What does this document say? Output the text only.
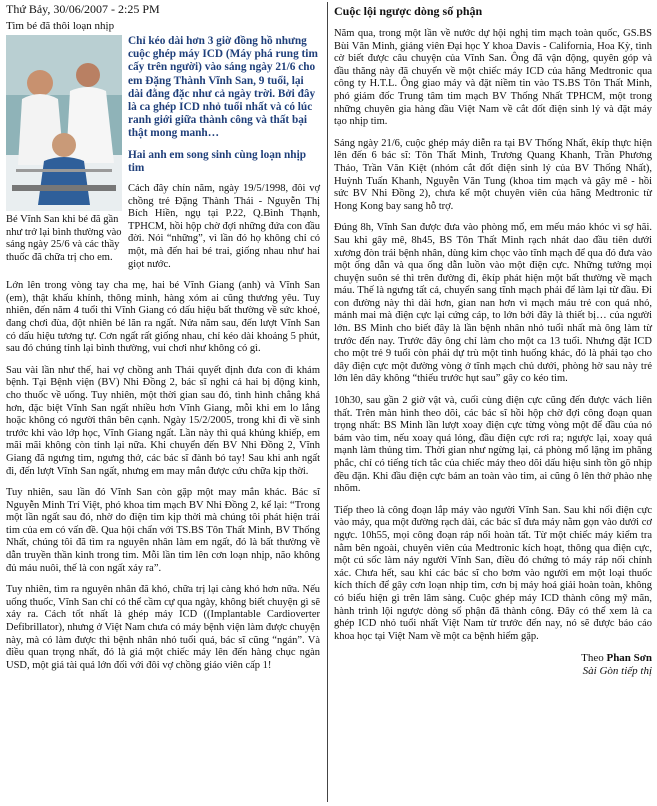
Thứ Bảy, 30/06/2007 - 2:25 PM
Tim bé đã thôi loạn nhịp
Bé Vĩnh San khi bé đã gần như trở lại bình thường vào sáng ngày 25/6 và các thầy thuốc đã chữa trị cho em.
Chỉ kéo dài hơn 3 giờ đồng hồ nhưng cuộc ghép máy ICD (Máy phá rung tim cấy trên người) vào sáng ngày 21/6 cho em Đặng Thành Vĩnh San, 9 tuổi, lại dài đằng đặc như cả ngày trời. Bởi đây là ca ghép ICD nhỏ tuổi nhất và có lúc ranh giới giữa thành công và thất bại thật mong manh…
Hai anh em song sinh cùng loạn nhịp tim

Cách đây chín năm, ngày 19/5/1998, đôi vợ chồng trẻ Đặng Thành Thái - Nguyễn Thị Bích Hiền, ngụ tại P.22, Q.Bình Thạnh, TPHCM, hồi hộp chờ đợi những đứa con đầu đời. Nói “những”, vì lần đó họ không chỉ có một, mà đến hai bé trai, giống nhau như hai giọt nước.

Lớn lên trong vòng tay cha mẹ, hai bé Vĩnh Giang (anh) và Vĩnh San (em), thật khấu khỉnh, thông minh, hàng xóm ai cũng thương yêu. Tuy nhiên, đến năm 4 tuổi thì Vĩnh Giang có dấu hiệu bất thường về sức khoẻ, đang chơi đùa, đột nhiên bé lăn ra ngất. Nửa năm sau, đến lượt Vĩnh San có dấu hiệu tương tự. Cơn ngất rất giống nhau, chỉ kéo dài khoảng 5 phút, sau đó chúng tỉnh lại bình thường, vui chơi như không có gì.

Sau vài lần như thế, hai vợ chồng anh Thái quyết định đưa con đi khám bệnh. Tại Bệnh viện (BV) Nhi Đồng 2, bác sĩ nghi cả hai bị động kinh, cho thuốc về uống. Tuy nhiên, một thời gian sau đó, tình hình chẳng khá hơn, đặc biệt Vĩnh San ngất nhiều hơn Vĩnh Giang, mỗi khi em lo lắng hoặc không có người thân bên cạnh. Ngày 15/2/2005, trong khi đi về sinh trước khi vào lớp học, Vĩnh Giang ngất. Lần này thì quá khủng khiếp, em mãi mãi không còn tỉnh lại nữa. Khi chuyển đến BV Nhi Đồng 2, Vĩnh Giang đã ngưng tim, ngưng thở, các bác sĩ đành bó tay! Sau khi anh ngất đi, đến lượt Vĩnh San ngất, nhưng em may mắn được cứu chữa kịp thời.

Tuy nhiên, sau lần đó Vĩnh San còn gặp một may mắn khác. Bác sĩ Nguyễn Minh Trí Việt, phó khoa tim mạch BV Nhi Đồng 2, kể lại: “Trong một lần ngất sau đó, nhờ do điện tim kịp thời mà chúng tôi phát hiện trái tim của em có vấn đề. Qua hội chẩn với TS.BS Tôn Thất Minh, BV Thống Nhất, chúng tôi đã tìm ra nguyên nhân làm em ngất, đó là bất thường về dẫn truyền thần kinh trong tim. Mỗi lần tim lên cơn loạn nhịp, não không đủ máu nuôi, thế là con ngất xảy ra”.

Tuy nhiên, tìm ra nguyên nhân đã khó, chữa trị lại càng khó hơn nữa. Nếu uống thuốc, Vĩnh San chỉ có thể cầm cự qua ngày, không biết chuyện gì sẽ xảy ra. Cách tốt nhất là ghép máy ICD ((Implantable Cardioverter Defibrillator), nhưng ở Việt Nam chưa có máy bệnh viện làm được chuyện này, mà có làm được thì bệnh nhân nhỏ tuổi quá, bác sĩ cũng “ngán”. Và điều quan trọng nhất, đó là giá một chiếc máy lên đến hàng chục ngàn USD, một giá tài quá lớn đối với đôi vợ chồng giáo viên cấp 1!

Cuộc lội ngược dòng số phận

Năm qua, trong một lần về nước dự hội nghị tim mạch toàn quốc, GS.BS Bùi Văn Minh, giảng viên Đại học Y khoa Davis - California, Hoa Kỳ, tình cờ biết được câu chuyện của Vĩnh San. Ông đã vận động, quyên góp và đầu thăng này đã chuyển về một chiếc máy ICD của hãng Medtronic qua công ty H.T.L. Ông giao máy và đặt niềm tin vào TS.BS Tôn Thất Minh, phó giám đốc Trung tâm tim mạch BV Thống Nhất TPHCM, một trong những chuyên gia hàng đầu Việt Nam về cắt đốt điện sinh lý và đặt máy tạo nhịp tim.

Sáng ngày 21/6, cuộc ghép máy diễn ra tại BV Thống Nhất, êkíp thực hiện lên đến 6 bác sĩ: Tôn Thất Minh, Trương Quang Khanh, Trần Phương Thảo, Trần Văn Kiệt (nhóm cắt đốt điện sinh lý của BV Thống Nhất), Huỳnh Tuấn Khanh, Nguyễn Văn Tung (khoa tim mạch và gây mê - hồi sức BV Nhi Đồng 2), chưa kể một chuyên viên của hãng Medtronic từ Hong Kong bay sang hỗ trợ.

Đúng 8h, Vĩnh San được đưa vào phòng mổ, em mếu máo khóc vì sợ hãi. Sau khi gây mê, 8h45, BS Tôn Thất Minh rạch nhát dao đầu tiên dưới xương đòn trái bệnh nhân, dùng kim chọc vào tĩnh mạch để qua đó đưa vào một ống dẫn và qua ống dẫn luồn vào một điện cực. Những tưởng mọi chuyện suôn sẻ thì trên đường đi, êkíp phát hiện một bất thường về mạch máu. Thế là ngưng tất cả, chuyển sang tĩnh mạch phải để làm lại từ đầu. Đi con đường này thì dài hơn, gian nan hơn vì mạch máu trẻ con quá nhỏ, mảnh mai mà điện cực lại cứng cáp, to lớn bởi đây là thiết bị… của người lớn. BS Minh cho biết đây là lần bệnh nhân nhỏ tuổi nhất mà ông làm từ trước đến nay. Trước đây ông chỉ làm cho một ca 13 tuổi. Nhưng đặt ICD cho một trẻ 9 tuổi còn phải dự trù một tình huống khác, đó là phải tạo cho dây điện cực một đường vòng ở tĩnh mạch chủ dưới, phòng hờ sau này trẻ lớn lên dây không “thiếu trước hụt sau” gây co kéo tim.

10h30, sau gần 2 giờ vật và, cuối cùng điện cực cũng đến được vách liên thất. Trên màn hình theo dõi, các bác sĩ hồi hộp chờ đợi công đoạn quan trọng nhất: BS Minh lần lượt xoay điện cực từng vòng một để đầu của nó bám vào tim, nếu xoay quá lỏng, đầu điện cực rơi ra; ngược lại, xoay quá mạnh làm thủng tim. Thời gian như ngừng lại, cả phòng mổ lặng im phăng phắc, chỉ có tiếng tích tắc của chiếc máy theo dõi dấu hiệu sinh tồn gõ nhịp đều đặn. Khi đầu điện cực bám an toàn vào tim, ai cũng ô lên thở phào nhẹ nhõm.

Tiếp theo là công đoạn lắp máy vào người Vĩnh San. Sau khi nối điện cực vào máy, qua một đường rạch dài, các bác sĩ đưa máy nằm gọn vào dưới cơ ngực. 10h55, mọi công đoạn ráp nối hoàn tất. Từ một chiếc máy kiểm tra nằm bên ngoài, chuyên viên của Medtronic kích hoạt, thông qua điện cực, một cú sốc làm nảy người Vĩnh San, điều đó chứng tỏ máy ráp nối chính xác. Chưa hết, sau khi các bác sĩ cho bơm vào người em một loại thuốc kích thích để gây cơn loạn nhịp tim, cơn bị máy hoá giải hoàn toàn, không có biểu hiện gì trên lâm sàng. Cuộc ghép máy ICD thành công mỹ mãn, hành trình lội ngược dòng số phận đã thành công. Đây có thể xem là ca ghép ICD nhỏ tuổi nhất Việt Nam từ trước đến nay, nó sẽ được báo cáo khoa học tại Việt Nam về một ca bệnh hiếm gặp.

Theo Phan Sơn
Sài Gòn tiếp thị
